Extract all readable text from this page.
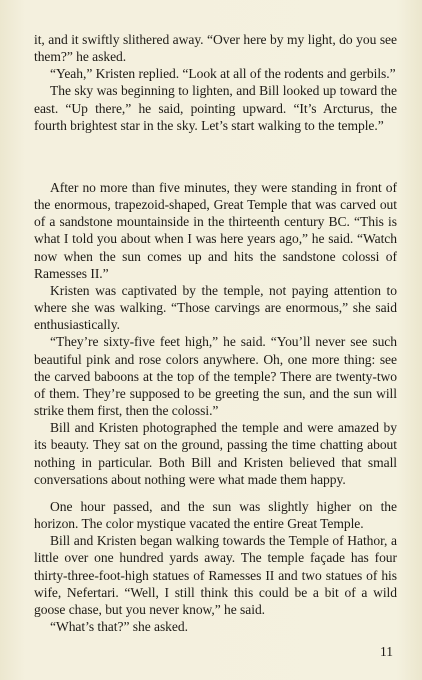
it, and it swiftly slithered away. “Over here by my light, do you see them?” he asked.

“Yeah,” Kristen replied. “Look at all of the rodents and gerbils.”

The sky was beginning to lighten, and Bill looked up toward the east. “Up there,” he said, pointing upward. “It’s Arcturus, the fourth brightest star in the sky. Let’s start walking to the temple.”

After no more than five minutes, they were standing in front of the enormous, trapezoid-shaped, Great Temple that was carved out of a sandstone mountainside in the thirteenth century BC. “This is what I told you about when I was here years ago,” he said. “Watch now when the sun comes up and hits the sandstone colossi of Ramesses II.”

Kristen was captivated by the temple, not paying attention to where she was walking. “Those carvings are enormous,” she said enthusiastically.

“They’re sixty-five feet high,” he said. “You’ll never see such beautiful pink and rose colors anywhere. Oh, one more thing: see the carved baboons at the top of the temple? There are twenty-two of them. They’re supposed to be greeting the sun, and the sun will strike them first, then the colossi.”

Bill and Kristen photographed the temple and were amazed by its beauty. They sat on the ground, passing the time chatting about nothing in particular. Both Bill and Kristen believed that small conversations about nothing were what made them happy.

One hour passed, and the sun was slightly higher on the horizon. The color mystique vacated the entire Great Temple.

Bill and Kristen began walking towards the Temple of Hathor, a little over one hundred yards away. The temple façade has four thirty-three-foot-high statues of Ramesses II and two statues of his wife, Nefertari. “Well, I still think this could be a bit of a wild goose chase, but you never know,” he said.

“What’s that?” she asked.

11
